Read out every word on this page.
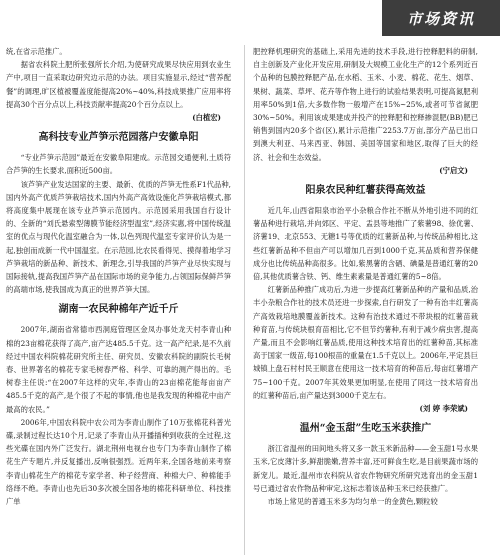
市场资讯

统,在省示范推广。

据省农科院土肥所张强所长介绍,为使研究成果尽快应用到农业生产中,项目一直采取边研究边示范的办法。项目实施显示,经过“营养配餐”的调理,旷区植被覆盖度能提高20%~40%,科技成果推广应用率将提高30个百分点以上,科技贡献率提高20个百分点以上。

(白植宏)

高科技专业芦笋示范园落户安徽阜阳

“专业芦笋示范园”最近在安徽阜阳建成。示范园交通便利,土质符合芦笋的生长要求,面积近500亩。

该芦笋产业发达国家的主要、最新、优质的芦笋无性系F1代品种,国内外高产优质芦笋栽培技术,国内外高产高效设施化芦笋栽培模式,都将高度集中展现在该专业芦笋示范园内。示范园采用我国自行设计的、全新的“刘氏悬索型薄膜节能经济型温室”,经济实惠,将中国传统温室的优点与现代化温室融合为一体,以色列现代温室专家评价认为是一起,独创而成新一代中国温室。在示范园,比农民看得见、摸得着地学习芦笋栽培的新品种、新技术、新理念,引导我国的芦笋产业尽快实现与国际接轨,提高我国芦笋产品在国际市场的竞争能力,占领国际保鲜芦笋的高端市场,使我国成为真正的世界芦笋大国。

湖南一农民种棉年产近千斤

2007年,湖南省常德市西洞庭管理区金凤办事处龙天村李青山种棉的23亩棉花获得了高产,亩产达485.5千克。这一高产纪录,是不久前经过中国农科院棉花研究所主任、研究员、安徽农科院的副院长毛树春、世界著名的棉花专家毛树春严格、科学、可靠的测产得出的。毛树春主任说:“在2007年这样的灾年,李青山的23亩棉花能每亩亩产485.5千克的高产,是个很了不起的事情,他也是我发现的种棉花中亩产最高的农民。”

2006年,中国农科院中农公司为李青山制作了10万张棉花科普光碟,录制过程长达10个月,记录了李青山从开播插种到收获的全过程,这些光碟在国内外广泛发行。湖北荆州电视台也专门为李青山制作了棉花生产专题片,并反复播出,反响很强烈。近两年来,全国各地前来考察李青山棉花生产的棉花专家学者、种子经营商、种棉大户、种棉能手络绎不绝。李青山也先后30多次被全国各地的棉花科研单位、科技推广单

肥控释机理研究的基础上,采用先进的技术手段,进行控释肥料的研制,自主创新及产业化开发应用,研制及大规模工业化生产的12个系列近百个品种的包膜控释肥产品,在水稻、玉米、小麦、棉花、花生、烟草、果树、蔬菜、草坪、花卉等作物上进行的试验结果表明,可提高氮肥利用率50%到1倍,大多数作物一般增产在15%~25%,或者可节省氮肥30%~50%。利用该成果建成并投产的控释肥和控释掺混肥(BB)肥已销售到国内20多个省(区),累计示范推广2253.7万亩,部分产品已出口到澳大利亚、马来西亚、韩国、美国等国家和地区,取得了巨大的经济、社会和生态效益。

(宁启文)

阳泉农民种红薯获得高效益

近几年,山西省阳泉市治平小杂粮合作社不断从外地引进不同的红薯品种进行栽培,并向郊区、平定、盂县等地推广了紫薯98、徐优薯、济薯19、北京553、无糖1号等优质的红薯新品种,与传统品种相比,这些红薯新品种不但亩产可以增加几百到1000千克,其品质和营养保健成分也比传统品种高很多。比如,紫黑薯的含硒、碘量是普通红薯的20倍,其他优质薯含铁、钙、维生素素量是普通红薯的5~8倍。

红薯新品种推广成功后,为进一步提高红薯新品种的产量和品质,治丰小杂粮合作社的技术员还进一步探索,自行研发了一种有治丰红薯高产高效栽培地膜覆盖新技术。这种有治技术通过不带块根的红薯苗栽种育苗,与传统块根育苗相比,它不但节约薯种,有利于减少病虫害,提高产量,而且不会影响红薯品质,使用这种技术培育出的红薯种苗,其标准高于国家一级苗,每100根苗的重量在1.5千克以上。2006年,平定县巨城镇上盘石村村民王顺意在使用这一技术培育的种苗后,每亩红薯增产75~100千克。2007年其效果更加明显,在使用了同这一技术培育出的红薯种苗后,亩产量达到3000千克左右。

(刘 婷 李荣斌)

温州“金玉甜”生吃玉米获推广

浙江省温州的田间地头将又多一款玉米新品种——金玉甜1号水果玉米,它皮薄汁多,鲜甜脆嫩,营养丰富,还可鲜食生吃,是目前果蔬市场的新宠儿。最近,温州市农科院从省农作物研究所研究选育出的金玉甜1号已通过省农作物品种审定,这标志着该品种玉米已经获推广。

市场上常见的普通玉米多为均匀单一的金黄色,颗粒较
